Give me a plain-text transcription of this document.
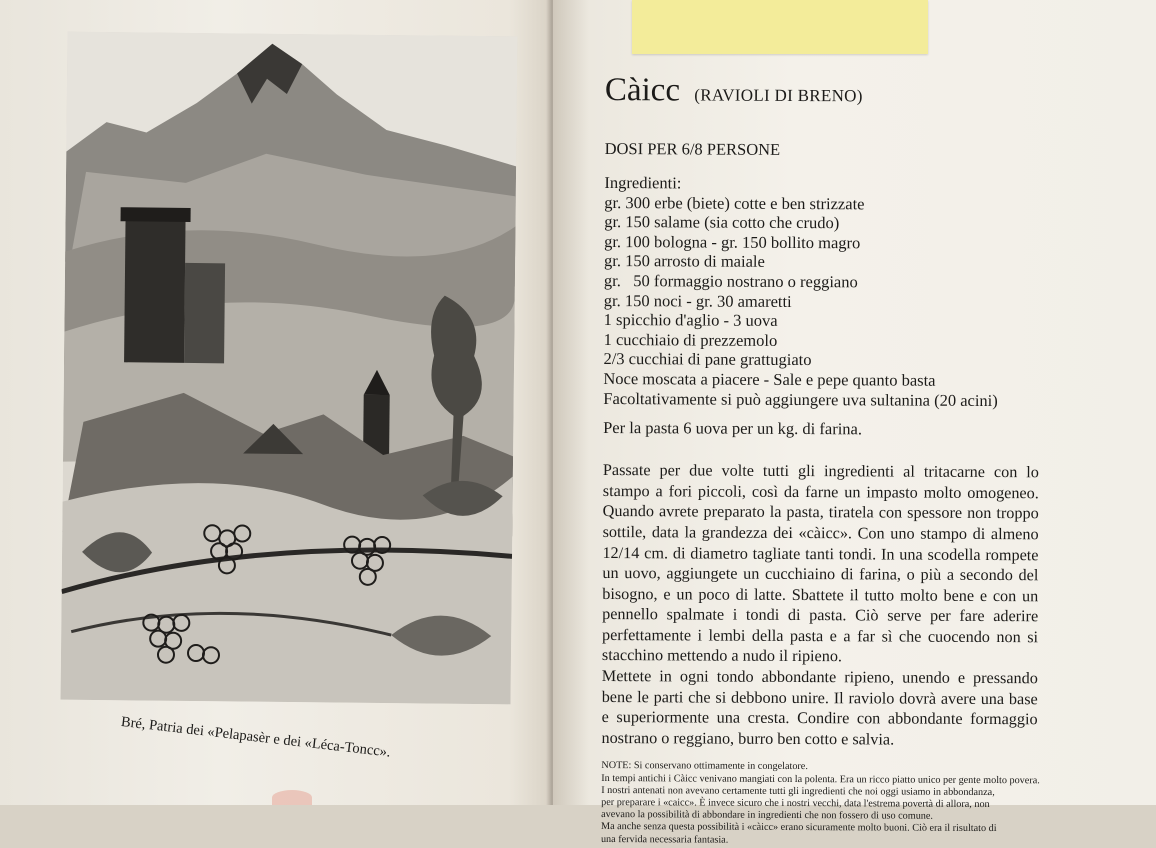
Bré, Patria dei «Pelapasèr e dei «Léca-Toncc».
Càicc (RAVIOLI DI BRENO)
DOSI PER 6/8 PERSONE
Ingredienti:
gr. 300 erbe (biete) cotte e ben strizzate
gr. 150 salame (sia cotto che crudo)
gr. 100 bologna - gr. 150 bollito magro
gr. 150 arrosto di maiale
gr.   50 formaggio nostrano o reggiano
gr. 150 noci - gr. 30 amaretti
1 spicchio d'aglio - 3 uova
1 cucchiaio di prezzemolo
2/3 cucchiai di pane grattugiato
Noce moscata a piacere - Sale e pepe quanto basta
Facoltativamente si può aggiungere uva sultanina (20 acini)
Per la pasta 6 uova per un kg. di farina.

Passate per due volte tutti gli ingredienti al tritacarne con lo stampo a fori piccoli, così da farne un impasto molto omogeneo. Quando avrete preparato la pasta, tiratela con spessore non troppo sottile, data la grandezza dei «càicc». Con uno stampo di almeno 12/14 cm. di diametro tagliate tanti tondi. In una scodella rompete un uovo, aggiungete un cucchiaino di farina, o più a secondo del bisogno, e un poco di latte. Sbattete il tutto molto bene e con un pennello spalmate i tondi di pasta. Ciò serve per fare aderire perfettamente i lembi della pasta e a far sì che cuocendo non si stacchino mettendo a nudo il ripieno.

Mettete in ogni tondo abbondante ripieno, unendo e pressando bene le parti che si debbono unire. Il raviolo dovrà avere una base e superiormente una cresta. Condire con abbondante formaggio nostrano o reggiano, burro ben cotto e salvia.

NOTE: Si conservano ottimamente in congelatore.
In tempi antichi i Càicc venivano mangiati con la polenta. Era un ricco piatto unico per gente molto povera.
I nostri antenati non avevano certamente tutti gli ingredienti che noi oggi usiamo in abbondanza,
per preparare i «caicc». È invece sicuro che i nostri vecchi, data l'estrema povertà di allora, non
avevano la possibilità di abbondare in ingredienti che non fossero di uso comune.
Ma anche senza questa possibilità i «càicc» erano sicuramente molto buoni. Ciò era il risultato di
una fervida necessaria fantasia.
